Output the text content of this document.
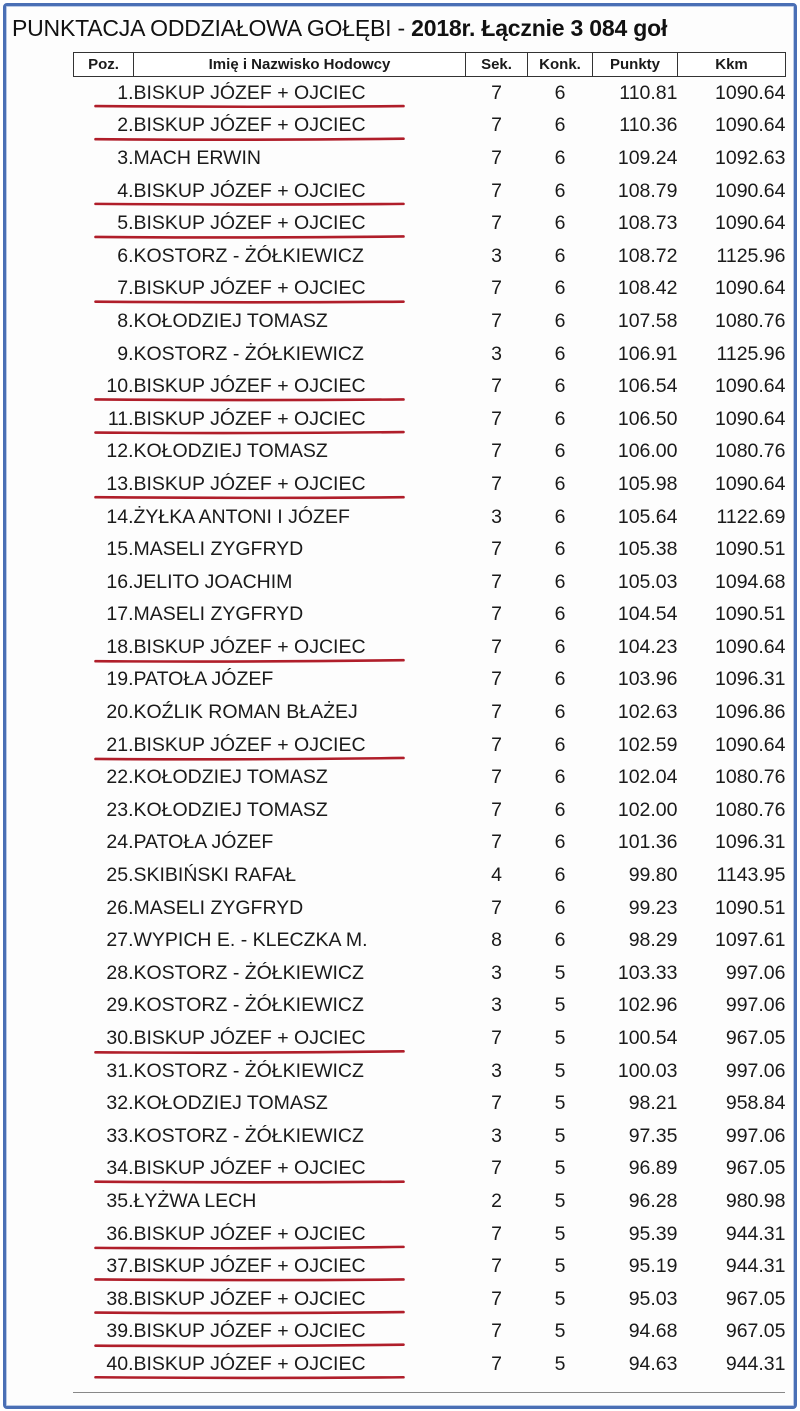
PUNKTACJA ODDZIAŁOWA GOŁĘBI - 2018r. Łącznie 3 084 goł
Poz.	Imię i Nazwisko Hodowcy	Sek.	Konk.	Punkty	Kkm
1.	BISKUP JÓZEF + OJCIEC	7	6	110.81	1090.64
2.	BISKUP JÓZEF + OJCIEC	7	6	110.36	1090.64
3.	MACH ERWIN	7	6	109.24	1092.63
4.	BISKUP JÓZEF + OJCIEC	7	6	108.79	1090.64
5.	BISKUP JÓZEF + OJCIEC	7	6	108.73	1090.64
6.	KOSTORZ - ŻÓŁKIEWICZ	3	6	108.72	1125.96
7.	BISKUP JÓZEF + OJCIEC	7	6	108.42	1090.64
8.	KOŁODZIEJ TOMASZ	7	6	107.58	1080.76
9.	KOSTORZ - ŻÓŁKIEWICZ	3	6	106.91	1125.96
10.	BISKUP JÓZEF + OJCIEC	7	6	106.54	1090.64
11.	BISKUP JÓZEF + OJCIEC	7	6	106.50	1090.64
12.	KOŁODZIEJ TOMASZ	7	6	106.00	1080.76
13.	BISKUP JÓZEF + OJCIEC	7	6	105.98	1090.64
14.	ŻYŁKA ANTONI I JÓZEF	3	6	105.64	1122.69
15.	MASELI ZYGFRYD	7	6	105.38	1090.51
16.	JELITO JOACHIM	7	6	105.03	1094.68
17.	MASELI ZYGFRYD	7	6	104.54	1090.51
18.	BISKUP JÓZEF + OJCIEC	7	6	104.23	1090.64
19.	PATOŁA JÓZEF	7	6	103.96	1096.31
20.	KOŹLIK ROMAN BŁAŻEJ	7	6	102.63	1096.86
21.	BISKUP JÓZEF + OJCIEC	7	6	102.59	1090.64
22.	KOŁODZIEJ TOMASZ	7	6	102.04	1080.76
23.	KOŁODZIEJ TOMASZ	7	6	102.00	1080.76
24.	PATOŁA JÓZEF	7	6	101.36	1096.31
25.	SKIBIŃSKI RAFAŁ	4	6	99.80	1143.95
26.	MASELI ZYGFRYD	7	6	99.23	1090.51
27.	WYPICH E. - KLECZKA M.	8	6	98.29	1097.61
28.	KOSTORZ - ŻÓŁKIEWICZ	3	5	103.33	997.06
29.	KOSTORZ - ŻÓŁKIEWICZ	3	5	102.96	997.06
30.	BISKUP JÓZEF + OJCIEC	7	5	100.54	967.05
31.	KOSTORZ - ŻÓŁKIEWICZ	3	5	100.03	997.06
32.	KOŁODZIEJ TOMASZ	7	5	98.21	958.84
33.	KOSTORZ - ŻÓŁKIEWICZ	3	5	97.35	997.06
34.	BISKUP JÓZEF + OJCIEC	7	5	96.89	967.05
35.	ŁYŻWA LECH	2	5	96.28	980.98
36.	BISKUP JÓZEF + OJCIEC	7	5	95.39	944.31
37.	BISKUP JÓZEF + OJCIEC	7	5	95.19	944.31
38.	BISKUP JÓZEF + OJCIEC	7	5	95.03	967.05
39.	BISKUP JÓZEF + OJCIEC	7	5	94.68	967.05
40.	BISKUP JÓZEF + OJCIEC	7	5	94.63	944.31
